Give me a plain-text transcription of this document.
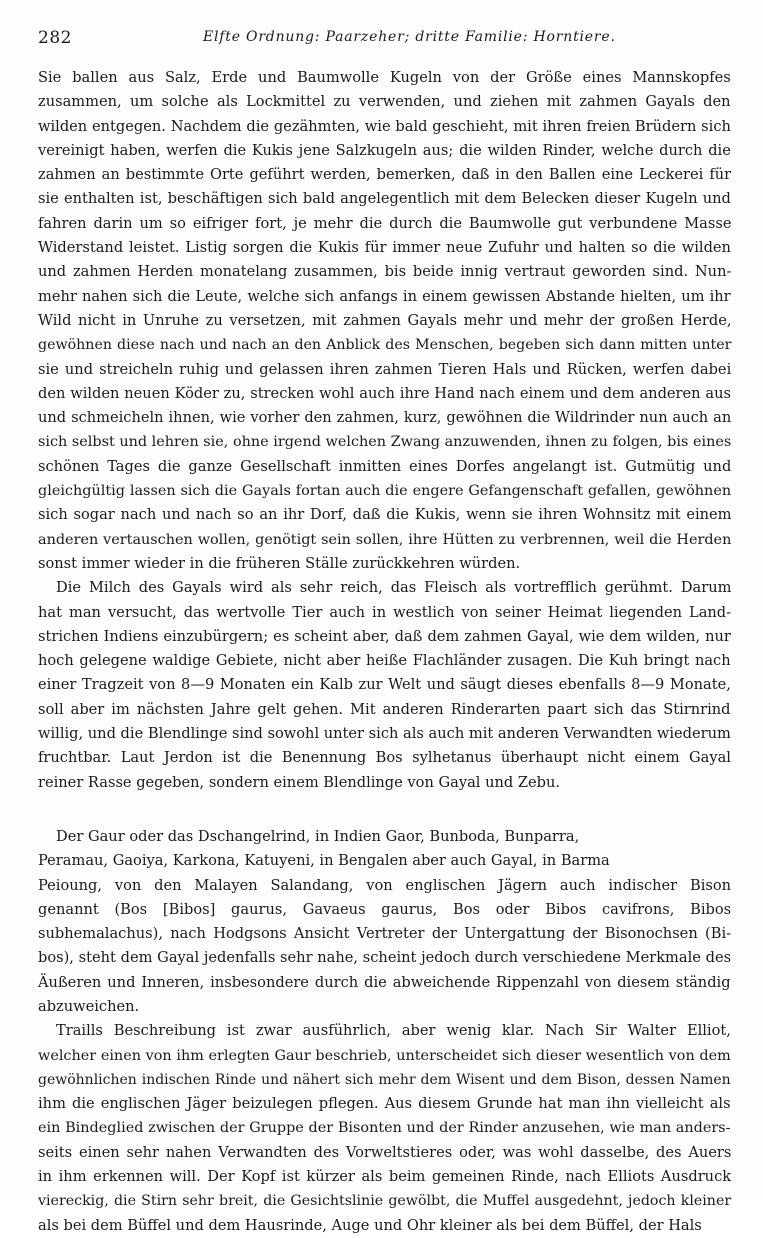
282	Elfte Ordnung: Paarzeher; dritte Familie: Horntiere.
Sie ballen aus Salz, Erde und Baumwolle Kugeln von der Größe eines Mannskopfes
zusammen, um solche als Lockmittel zu verwenden, und ziehen mit zahmen Gayals den
wilden entgegen. Nachdem die gezähmten, wie bald geschieht, mit ihren freien Brüdern sich
vereinigt haben, werfen die Kukis jene Salzkugeln aus; die wilden Rinder, welche durch die
zahmen an bestimmte Orte geführt werden, bemerken, daß in den Ballen eine Leckerei für
sie enthalten ist, beschäftigen sich bald angelegentlich mit dem Belecken dieser Kugeln und
fahren darin um so eifriger fort, je mehr die durch die Baumwolle gut verbundene Masse
Widerstand leistet. Listig sorgen die Kukis für immer neue Zufuhr und halten so die wilden
und zahmen Herden monatelang zusammen, bis beide innig vertraut geworden sind. Nun-
mehr nahen sich die Leute, welche sich anfangs in einem gewissen Abstande hielten, um ihr
Wild nicht in Unruhe zu versetzen, mit zahmen Gayals mehr und mehr der großen Herde,
gewöhnen diese nach und nach an den Anblick des Menschen, begeben sich dann mitten unter
sie und streicheln ruhig und gelassen ihren zahmen Tieren Hals und Rücken, werfen dabei
den wilden neuen Köder zu, strecken wohl auch ihre Hand nach einem und dem anderen aus
und schmeicheln ihnen, wie vorher den zahmen, kurz, gewöhnen die Wildrinder nun auch an
sich selbst und lehren sie, ohne irgend welchen Zwang anzuwenden, ihnen zu folgen, bis eines
schönen Tages die ganze Gesellschaft inmitten eines Dorfes angelangt ist. Gutmütig und
gleichgültig lassen sich die Gayals fortan auch die engere Gefangenschaft gefallen, gewöhnen
sich sogar nach und nach so an ihr Dorf, daß die Kukis, wenn sie ihren Wohnsitz mit einem
anderen vertauschen wollen, genötigt sein sollen, ihre Hütten zu verbrennen, weil die Herden
sonst immer wieder in die früheren Ställe zurückkehren würden.
Die Milch des Gayals wird als sehr reich, das Fleisch als vortrefflich gerühmt. Darum
hat man versucht, das wertvolle Tier auch in westlich von seiner Heimat liegenden Land-
strichen Indiens einzubürgern; es scheint aber, daß dem zahmen Gayal, wie dem wilden, nur
hoch gelegene waldige Gebiete, nicht aber heiße Flachländer zusagen. Die Kuh bringt nach
einer Tragzeit von 8—9 Monaten ein Kalb zur Welt und säugt dieses ebenfalls 8—9 Monate,
soll aber im nächsten Jahre gelt gehen. Mit anderen Rinderarten paart sich das Stirnrind
willig, und die Blendlinge sind sowohl unter sich als auch mit anderen Verwandten wiederum
fruchtbar. Laut Jerdon ist die Benennung Bos sylhetanus überhaupt nicht einem Gayal
reiner Rasse gegeben, sondern einem Blendlinge von Gayal und Zebu.
Der Gaur oder das Dschangelrind, in Indien Gaor, Bunboda, Bunparra,
Peramau, Gaoiya, Karkona, Katuyeni, in Bengalen aber auch Gayal, in Barma
Peioung, von den Malayen Salandang, von englischen Jägern auch indischer Bison
genannt (Bos [Bibos] gaurus, Gavaeus gaurus, Bos oder Bibos cavifrons, Bibos
subhemalachus), nach Hodgsons Ansicht Vertreter der Untergattung der Bisonochsen (Bi-
bos), steht dem Gayal jedenfalls sehr nahe, scheint jedoch durch verschiedene Merkmale des
Äußeren und Inneren, insbesondere durch die abweichende Rippenzahl von diesem ständig
abzuweichen.
Traills Beschreibung ist zwar ausführlich, aber wenig klar. Nach Sir Walter Elliot,
welcher einen von ihm erlegten Gaur beschrieb, unterscheidet sich dieser wesentlich von dem
gewöhnlichen indischen Rinde und nähert sich mehr dem Wisent und dem Bison, dessen Namen
ihm die englischen Jäger beizulegen pflegen. Aus diesem Grunde hat man ihn vielleicht als
ein Bindeglied zwischen der Gruppe der Bisonten und der Rinder anzusehen, wie man anders-
seits einen sehr nahen Verwandten des Vorweltstieres oder, was wohl dasselbe, des Auers
in ihm erkennen will. Der Kopf ist kürzer als beim gemeinen Rinde, nach Elliots Ausdruck
viereckig, die Stirn sehr breit, die Gesichtslinie gewölbt, die Muffel ausgedehnt, jedoch kleiner
als bei dem Büffel und dem Hausrinde, Auge und Ohr kleiner als bei dem Büffel, der Hals
